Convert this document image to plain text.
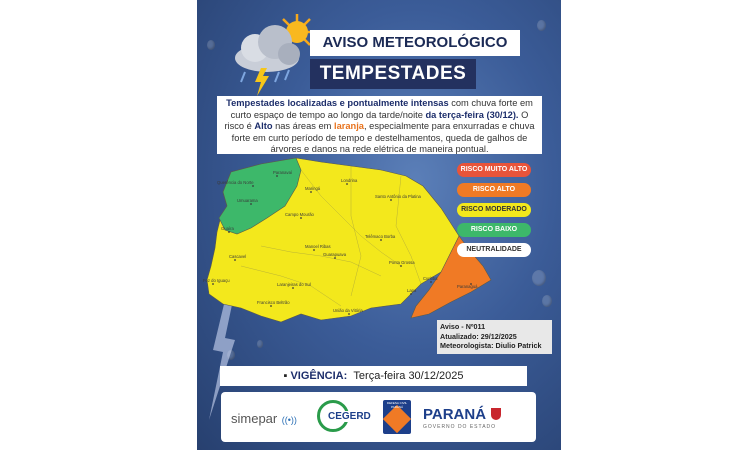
AVISO METEOROLÓGICO
TEMPESTADES
Tempestades localizadas e pontualmente intensas com chuva forte em curto espaço de tempo ao longo da tarde/noite da terça-feira (30/12). O risco é Alto nas áreas em laranja, especialmente para enxurradas e chuva forte em curto período de tempo e destelhamentos, queda de galhos de árvores e danos na rede elétrica de maneira pontual.
Paranavaí
Querência do Norte
Umuarama
Guaíra
Maringá
Londrina
Santo Antônio da Platina
Campo Mourão
Telêmaco Borba
Manoel Ribas
Cascavel	Guarapuava
Ponta Grossa
Foz do Iguaçu
Laranjeiras do Sul
Curitiba
Paranaguá
Lapa
Francisco Beltrão
União da Vitória
RISCO MUITO ALTO
RISCO ALTO
RISCO MODERADO
RISCO BAIXO
NEUTRALIDADE
Aviso - Nº011
Atualizado: 29/12/2025
Meteorologista: Diulio Patrick
▪ VIGÊNCIA: Terça-feira 30/12/2025
simepar ((•))	CEGERD
DEFESA CIVIL PARANÁ	PARANÁ
GOVERNO DO ESTADO
